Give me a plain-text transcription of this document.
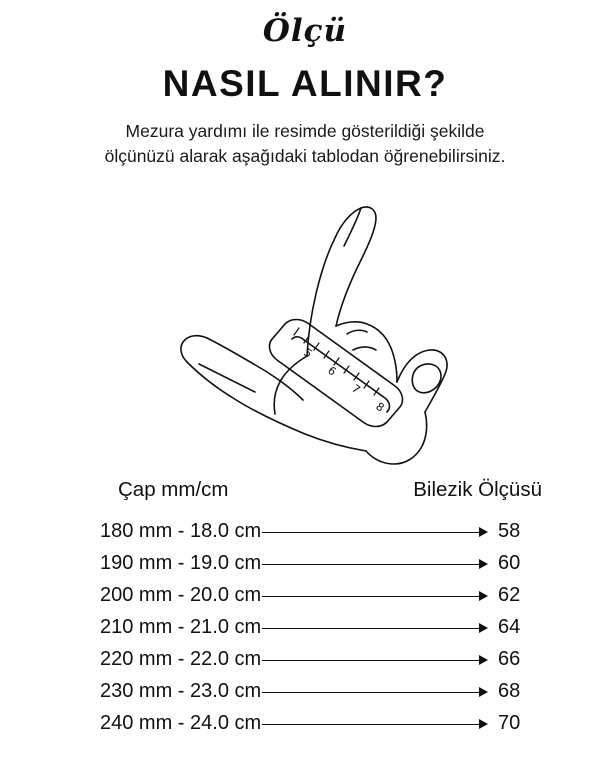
Ölçü
NASIL ALINIR?

Mezura yardımı ile resimde gösterildiği şekilde
ölçünüzü alarak aşağıdaki tablodan öğrenebilirsiniz.

5
6
7
8
Çap mm/cm	Bilezik Ölçüsü
180 mm - 18.0 cm	58
190 mm - 19.0 cm	60
200 mm - 20.0 cm	62
210 mm - 21.0 cm	64
220 mm - 22.0 cm	66
230 mm - 23.0 cm	68
240 mm - 24.0 cm	70
